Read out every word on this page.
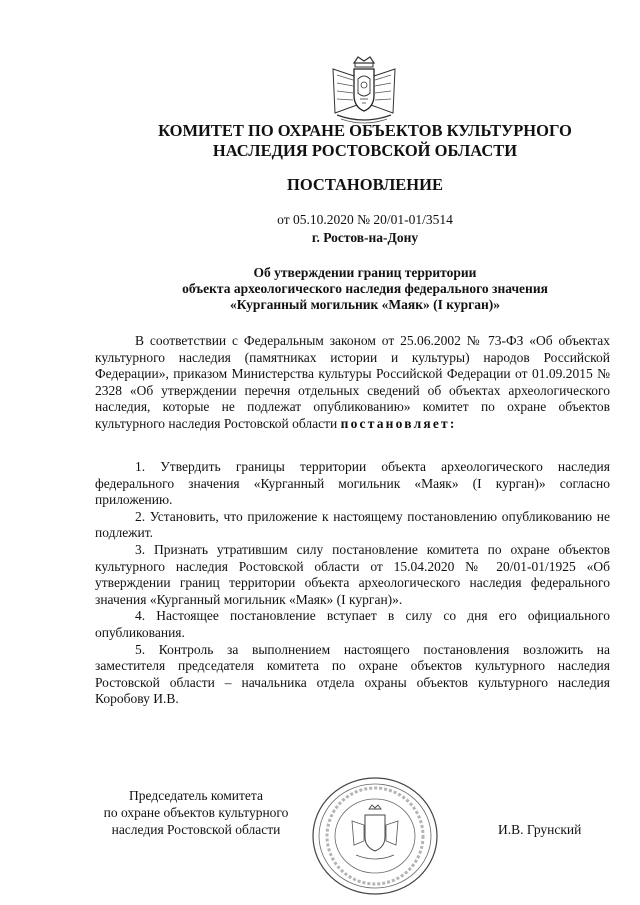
КОМИТЕТ ПО ОХРАНЕ ОБЪЕКТОВ КУЛЬТУРНОГО
НАСЛЕДИЯ РОСТОВСКОЙ ОБЛАСТИ
ПОСТАНОВЛЕНИЕ
от 05.10.2020 № 20/01-01/3514
г. Ростов-на-Дону
Об утверждении границ территории
объекта археологического наследия федерального значения
«Курганный могильник «Маяк» (I курган)»

В соответствии с Федеральным законом от 25.06.2002 № 73-ФЗ «Об объектах культурного наследия (памятниках истории и культуры) народов Российской Федерации», приказом Министерства культуры Российской Федерации от 01.09.2015 № 2328 «Об утверждении перечня отдельных сведений об объектах археологического наследия, которые не подлежат опубликованию» комитет по охране объектов культурного наследия Ростовской области постановляет:

1. Утвердить границы территории объекта археологического наследия федерального значения «Курганный могильник «Маяк» (I курган)» согласно приложению.

2. Установить, что приложение к настоящему постановлению опубликованию не подлежит.

3. Признать утратившим силу постановление комитета по охране объектов культурного наследия Ростовской области от 15.04.2020 № 20/01-01/1925 «Об утверждении границ территории объекта археологического наследия федерального значения «Курганный могильник «Маяк» (I курган)».

4. Настоящее постановление вступает в силу со дня его официального опубликования.

5. Контроль за выполнением настоящего постановления возложить на заместителя председателя комитета по охране объектов культурного наследия Ростовской области – начальника отдела охраны объектов культурного наследия Коробову И.В.

Председатель комитета
по охране объектов культурного
наследия Ростовской области	И.В. Грунский
